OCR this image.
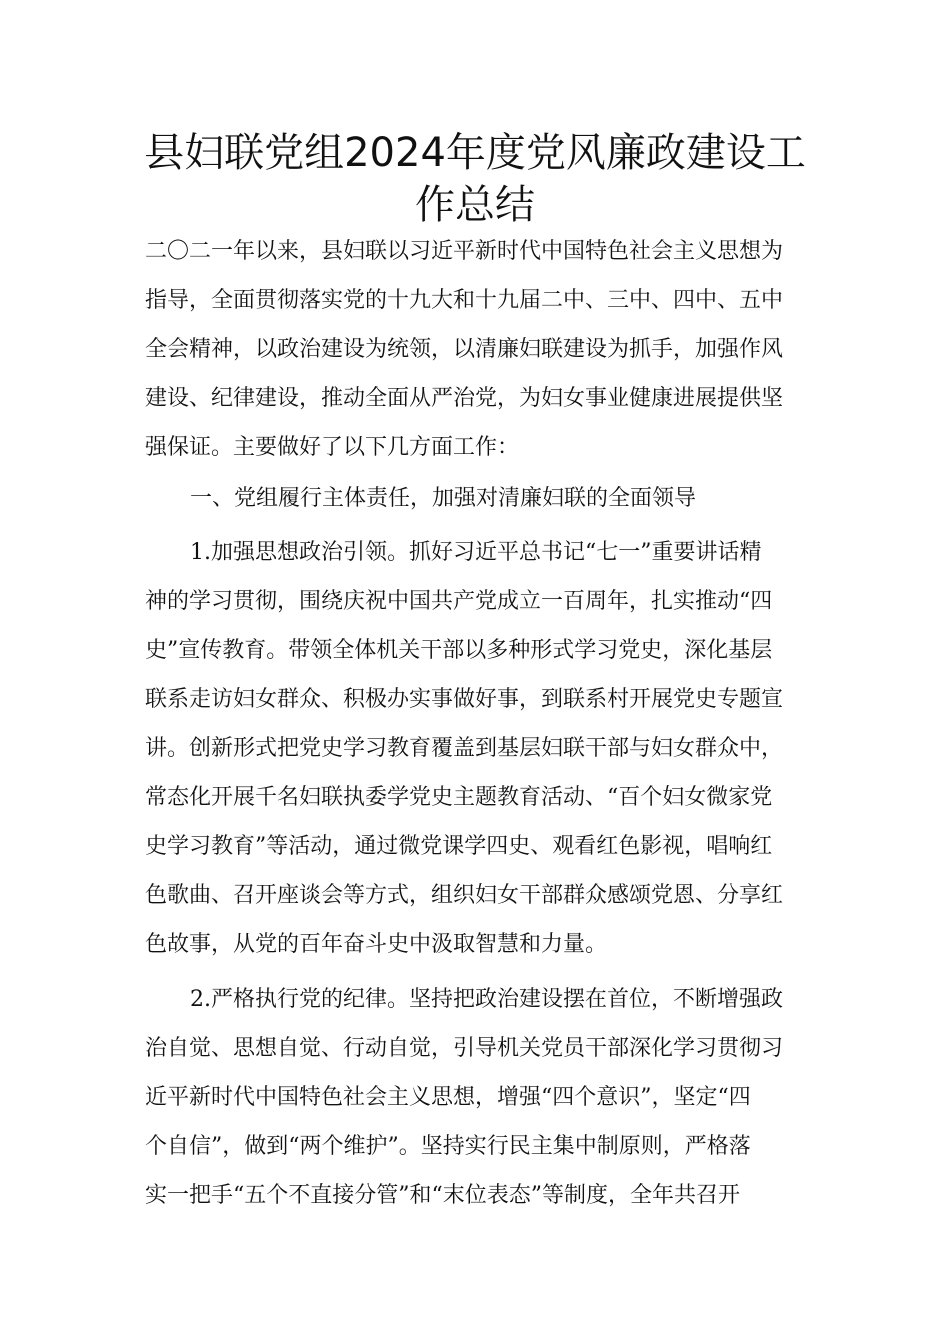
县妇联党组2024年度党风廉政建设工
作总结

二〇二一年以来，县妇联以习近平新时代中国特色社会主义思想为

指导，全面贯彻落实党的十九大和十九届二中、三中、四中、五中

全会精神，以政治建设为统领，以清廉妇联建设为抓手，加强作风

建设、纪律建设，推动全面从严治党，为妇女事业健康进展提供坚

强保证。主要做好了以下几方面工作：

一、党组履行主体责任，加强对清廉妇联的全面领导

1.加强思想政治引领。抓好习近平总书记“七一”重要讲话精

神的学习贯彻，围绕庆祝中国共产党成立一百周年，扎实推动“四

史”宣传教育。带领全体机关干部以多种形式学习党史，深化基层

联系走访妇女群众、积极办实事做好事，到联系村开展党史专题宣

讲。创新形式把党史学习教育覆盖到基层妇联干部与妇女群众中，

常态化开展千名妇联执委学党史主题教育活动、“百个妇女微家党

史学习教育”等活动，通过微党课学四史、观看红色影视，唱响红

色歌曲、召开座谈会等方式，组织妇女干部群众感颂党恩、分享红

色故事，从党的百年奋斗史中汲取智慧和力量。

2.严格执行党的纪律。坚持把政治建设摆在首位，不断增强政

治自觉、思想自觉、行动自觉，引导机关党员干部深化学习贯彻习

近平新时代中国特色社会主义思想，增强“四个意识”，坚定“四

个自信”，做到“两个维护”。坚持实行民主集中制原则，严格落

实一把手“五个不直接分管”和“末位表态”等制度，全年共召开
